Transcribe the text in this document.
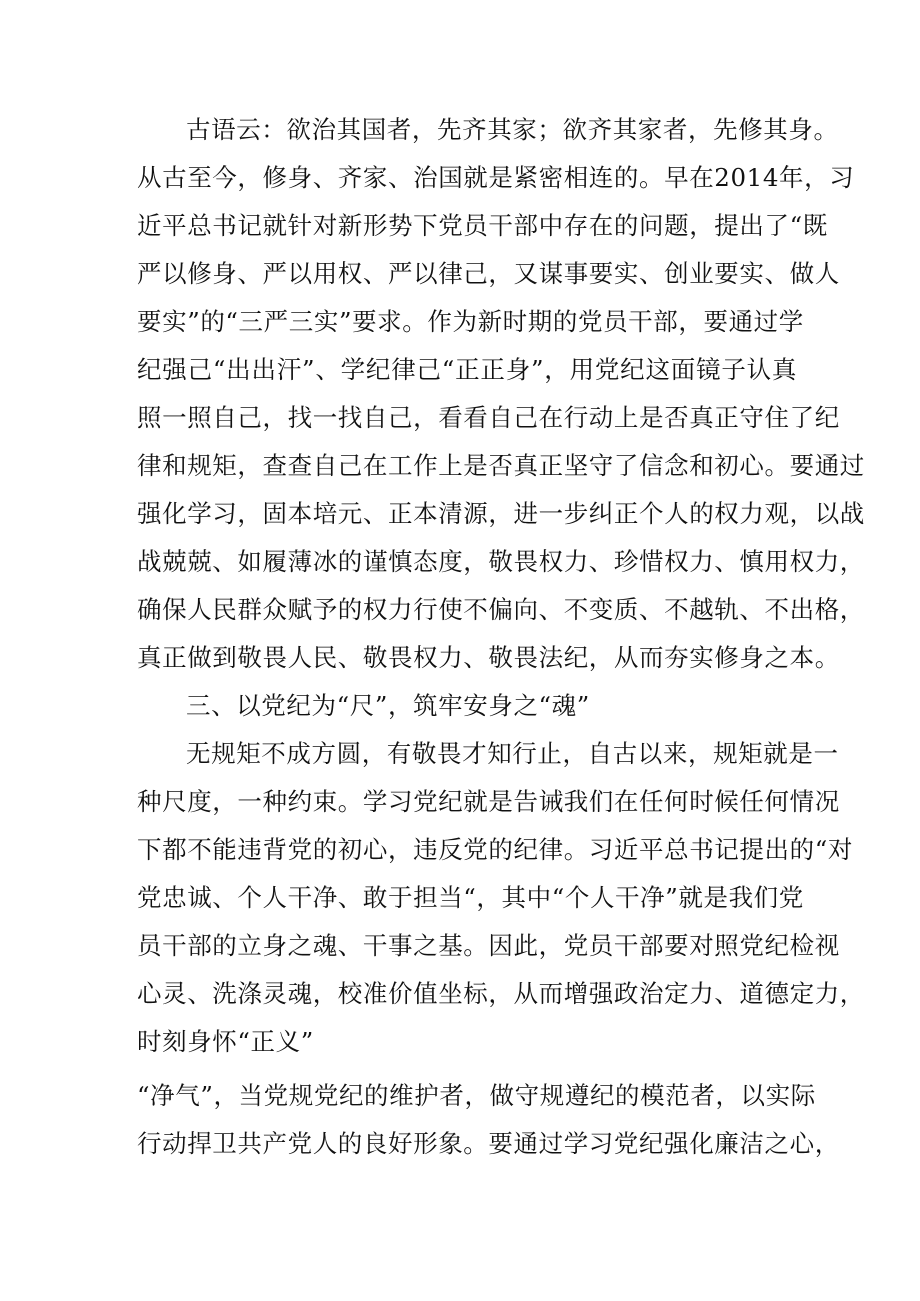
古语云：欲治其国者，先齐其家；欲齐其家者，先修其身。
从古至今，修身、齐家、治国就是紧密相连的。早在2014年，习
近平总书记就针对新形势下党员干部中存在的问题，提出了“既
严以修身、严以用权、严以律己，又谋事要实、创业要实、做人
要实”的“三严三实”要求。作为新时期的党员干部，要通过学
纪强己“出出汗”、学纪律己“正正身”，用党纪这面镜子认真
照一照自己，找一找自己，看看自己在行动上是否真正守住了纪
律和规矩，查查自己在工作上是否真正坚守了信念和初心。要通过
强化学习，固本培元、正本清源，进一步纠正个人的权力观，以战
战兢兢、如履薄冰的谨慎态度，敬畏权力、珍惜权力、慎用权力，
确保人民群众赋予的权力行使不偏向、不变质、不越轨、不出格，
真正做到敬畏人民、敬畏权力、敬畏法纪，从而夯实修身之本。
三、以党纪为“尺”，筑牢安身之“魂”
无规矩不成方圆，有敬畏才知行止，自古以来，规矩就是一
种尺度，一种约束。学习党纪就是告诫我们在任何时候任何情况
下都不能违背党的初心，违反党的纪律。习近平总书记提出的“对
党忠诚、个人干净、敢于担当“，其中“个人干净”就是我们党
员干部的立身之魂、干事之基。因此，党员干部要对照党纪检视
心灵、洗涤灵魂，校准价值坐标，从而增强政治定力、道德定力，
时刻身怀“正义”
“净气”，当党规党纪的维护者，做守规遵纪的模范者，以实际
行动捍卫共产党人的良好形象。要通过学习党纪强化廉洁之心，
